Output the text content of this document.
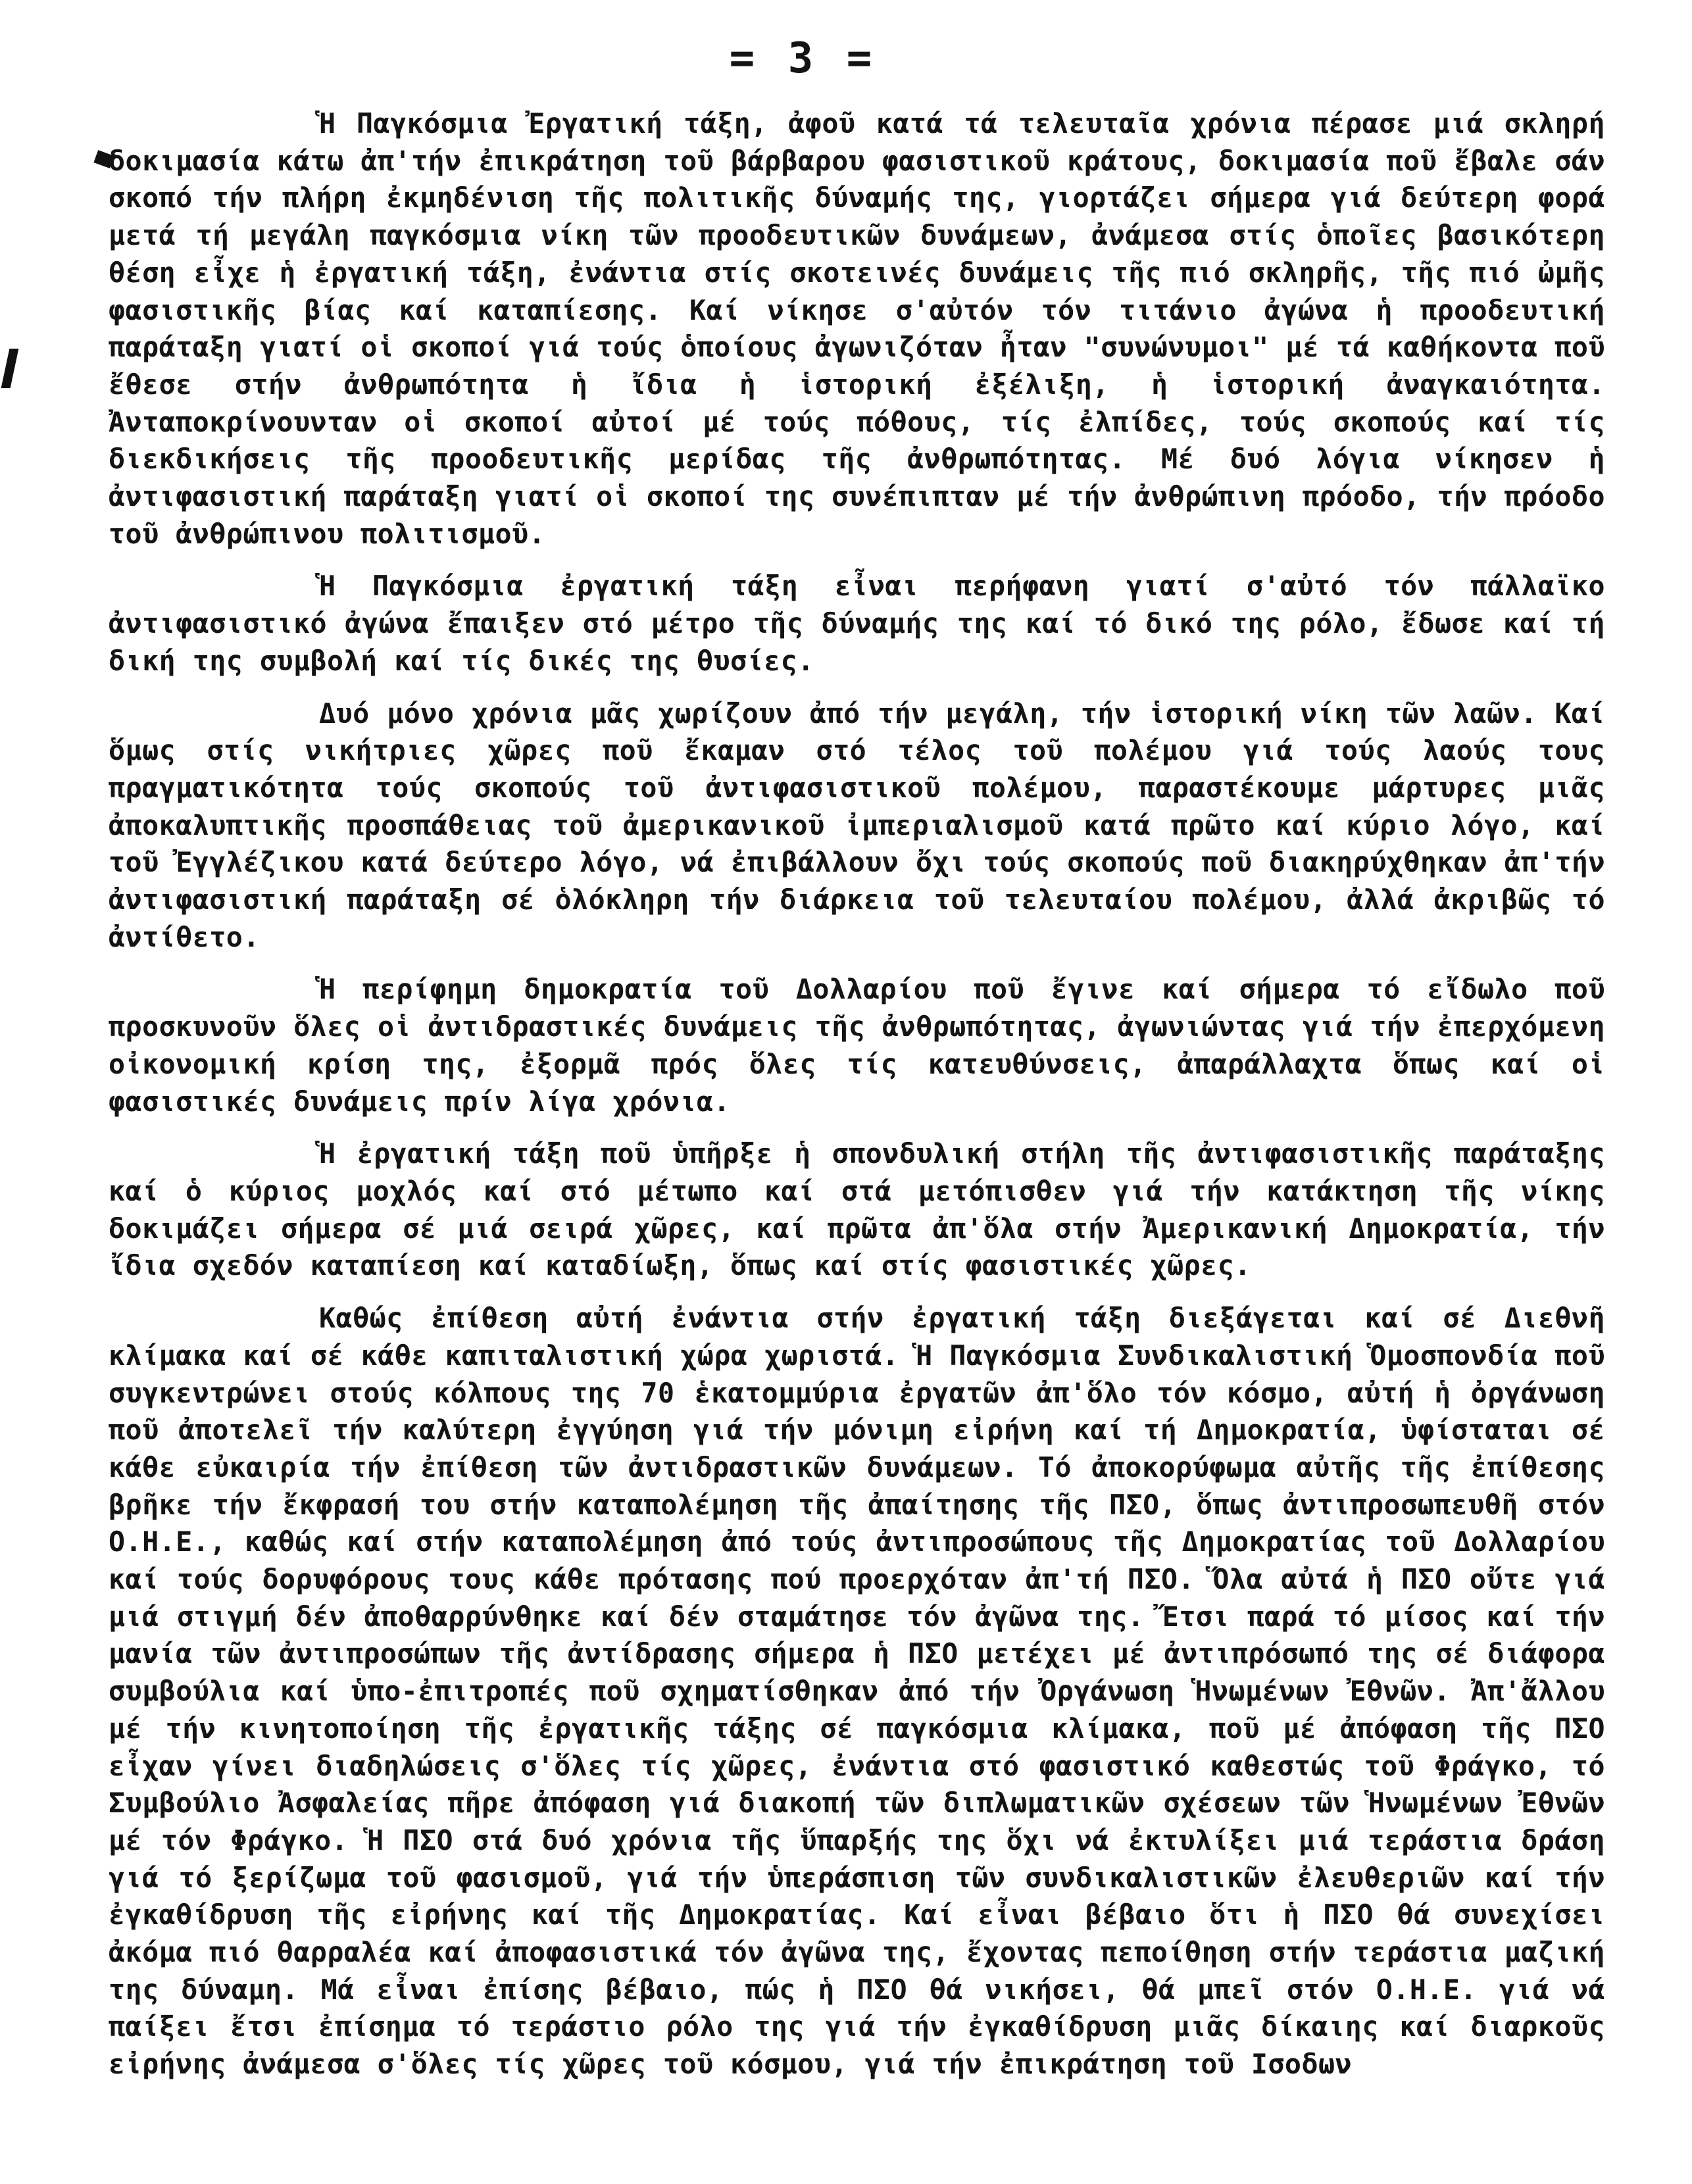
= 3 =

Ἡ Παγκόσμια Ἐργατική τάξη, ἀφοῦ κατά τά τελευταῖα χρόνια πέρασε μιά σκληρή δοκιμασία κάτω ἀπ'τήν ἐπικράτηση τοῦ βάρβαρου φασιστικοῦ κράτους, δοκιμασία ποῦ ἔβαλε σάν σκοπό τήν πλήρη ἐκμηδένιση τῆς πολιτικῆς δύναμής της, γιορτάζει σήμερα γιά δεύτερη φορά μετά τή μεγάλη παγκόσμια νίκη τῶν προοδευτικῶν δυνάμεων, ἀνάμεσα στίς ὁποῖες βασικότερη θέση εἶχε ἡ ἐργατική τάξη, ἐνάντια στίς σκοτεινές δυνάμεις τῆς πιό σκληρῆς, τῆς πιό ὠμῆς φασιστικῆς βίας καί καταπίεσης. Καί νίκησε σ'αὐτόν τόν τιτάνιο ἀγώνα ἡ προοδευτική παράταξη γιατί οἱ σκοποί γιά τούς ὁποίους ἀγωνιζόταν ἦταν "συνώνυμοι" μέ τά καθήκοντα ποῦ ἔθεσε στήν ἀνθρωπότητα ἡ ἴδια ἡ ἱστορική ἐξέλιξη, ἡ ἱστορική ἀναγκαιότητα. Ἀνταποκρίνουνταν οἱ σκοποί αὐτοί μέ τούς πόθους, τίς ἐλπίδες, τούς σκοπούς καί τίς διεκδικήσεις τῆς προοδευτικῆς μερίδας τῆς ἀνθρωπότητας. Μέ δυό λόγια νίκησεν ἡ ἀντιφασιστική παράταξη γιατί οἱ σκοποί της συνέπιπταν μέ τήν ἀνθρώπινη πρόοδο, τήν πρόοδο τοῦ ἀνθρώπινου πολιτισμοῦ.

Ἡ Παγκόσμια ἐργατική τάξη εἶναι περήφανη γιατί σ'αὐτό τόν πάλλαϊκο ἀντιφασιστικό ἀγώνα ἔπαιξεν στό μέτρο τῆς δύναμής της καί τό δικό της ρόλο, ἔδωσε καί τή δική της συμβολή καί τίς δικές της θυσίες.

Δυό μόνο χρόνια μᾶς χωρίζουν ἀπό τήν μεγάλη, τήν ἱστορική νίκη τῶν λαῶν. Καί ὅμως στίς νικήτριες χῶρες ποῦ ἔκαμαν στό τέλος τοῦ πολέμου γιά τούς λαούς τους πραγματικότητα τούς σκοπούς τοῦ ἀντιφασιστικοῦ πολέμου, παραστέκουμε μάρτυρες μιᾶς ἀποκαλυπτικῆς προσπάθειας τοῦ ἀμερικανικοῦ ἰμπεριαλισμοῦ κατά πρῶτο καί κύριο λόγο, καί τοῦ Ἐγγλέζικου κατά δεύτερο λόγο, νά ἐπιβάλλουν ὄχι τούς σκοπούς ποῦ διακηρύχθηκαν ἀπ'τήν ἀντιφασιστική παράταξη σέ ὁλόκληρη τήν διάρκεια τοῦ τελευταίου πολέμου, ἀλλά ἀκριβῶς τό ἀντίθετο.

Ἡ περίφημη δημοκρατία τοῦ Δολλαρίου ποῦ ἔγινε καί σήμερα τό εἴδωλο ποῦ προσκυνοῦν ὅλες οἱ ἀντιδραστικές δυνάμεις τῆς ἀνθρωπότητας, ἀγωνιώντας γιά τήν ἐπερχόμενη οἰκονομική κρίση της, ἐξορμᾶ πρός ὅλες τίς κατευθύνσεις, ἀπαράλλαχτα ὅπως καί οἱ φασιστικές δυνάμεις πρίν λίγα χρόνια.

Ἡ ἐργατική τάξη ποῦ ὑπῆρξε ἡ σπονδυλική στήλη τῆς ἀντιφασιστικῆς παράταξης καί ὁ κύριος μοχλός καί στό μέτωπο καί στά μετόπισθεν γιά τήν κατάκτηση τῆς νίκης δοκιμάζει σήμερα σέ μιά σειρά χῶρες, καί πρῶτα ἀπ'ὅλα στήν Ἀμερικανική Δημοκρατία, τήν ἴδια σχεδόν καταπίεση καί καταδίωξη, ὅπως καί στίς φασιστικές χῶρες.

Καθώς ἐπίθεση αὐτή ἐνάντια στήν ἐργατική τάξη διεξάγεται καί σέ Διεθνῆ κλίμακα καί σέ κάθε καπιταλιστική χώρα χωριστά. Ἡ Παγκόσμια Συνδικαλιστική Ὁμοσπονδία ποῦ συγκεντρώνει στούς κόλπους της 70 ἑκατομμύρια ἐργατῶν ἀπ'ὅλο τόν κόσμο, αὐτή ἡ ὀργάνωση ποῦ ἀποτελεῖ τήν καλύτερη ἐγγύηση γιά τήν μόνιμη εἰρήνη καί τή Δημοκρατία, ὑφίσταται σέ κάθε εὐκαιρία τήν ἐπίθεση τῶν ἀντιδραστικῶν δυνάμεων. Τό ἀποκορύφωμα αὐτῆς τῆς ἐπίθεσης βρῆκε τήν ἔκφρασή του στήν καταπολέμηση τῆς ἀπαίτησης τῆς ΠΣΟ, ὅπως ἀντιπροσωπευθῆ στόν Ο.Η.Ε., καθώς καί στήν καταπολέμηση ἀπό τούς ἀντιπροσώπους τῆς Δημοκρατίας τοῦ Δολλαρίου καί τούς δορυφόρους τους κάθε πρότασης πού προερχόταν ἀπ'τή ΠΣΟ. Ὅλα αὐτά ἡ ΠΣΟ οὔτε γιά μιά στιγμή δέν ἀποθαρρύνθηκε καί δέν σταμάτησε τόν ἀγῶνα της. Ἔτσι παρά τό μίσος καί τήν μανία τῶν ἀντιπροσώπων τῆς ἀντίδρασης σήμερα ἡ ΠΣΟ μετέχει μέ ἀντιπρόσωπό της σέ διάφορα συμβούλια καί ὑπο-ἐπιτροπές ποῦ σχηματίσθηκαν ἀπό τήν Ὀργάνωση Ἡνωμένων Ἐθνῶν. Ἀπ'ἄλλου μέ τήν κινητοποίηση τῆς ἐργατικῆς τάξης σέ παγκόσμια κλίμακα, ποῦ μέ ἀπόφαση τῆς ΠΣΟ εἶχαν γίνει διαδηλώσεις σ'ὅλες τίς χῶρες, ἐνάντια στό φασιστικό καθεστώς τοῦ Φράγκο, τό Συμβούλιο Ἀσφαλείας πῆρε ἀπόφαση γιά διακοπή τῶν διπλωματικῶν σχέσεων τῶν Ἡνωμένων Ἐθνῶν μέ τόν Φράγκο. Ἡ ΠΣΟ στά δυό χρόνια τῆς ὕπαρξής της ὅχι νά ἐκτυλίξει μιά τεράστια δράση γιά τό ξερίζωμα τοῦ φασισμοῦ, γιά τήν ὑπεράσπιση τῶν συνδικαλιστικῶν ἐλευθεριῶν καί τήν ἐγκαθίδρυση τῆς εἰρήνης καί τῆς Δημοκρατίας. Καί εἶναι βέβαιο ὅτι ἡ ΠΣΟ θά συνεχίσει ἀκόμα πιό θαρραλέα καί ἀποφασιστικά τόν ἀγῶνα της, ἔχοντας πεποίθηση στήν τεράστια μαζική της δύναμη. Μά εἶναι ἐπίσης βέβαιο, πώς ἡ ΠΣΟ θά νικήσει, θά μπεῖ στόν Ο.Η.Ε. γιά νά παίξει ἔτσι ἐπίσημα τό τεράστιο ρόλο της γιά τήν ἐγκαθίδρυση μιᾶς δίκαιης καί διαρκοῦς εἰρήνης ἀνάμεσα σ'ὅλες τίς χῶρες τοῦ κόσμου, γιά τήν ἐπικράτηση τοῦ Ισοδων
